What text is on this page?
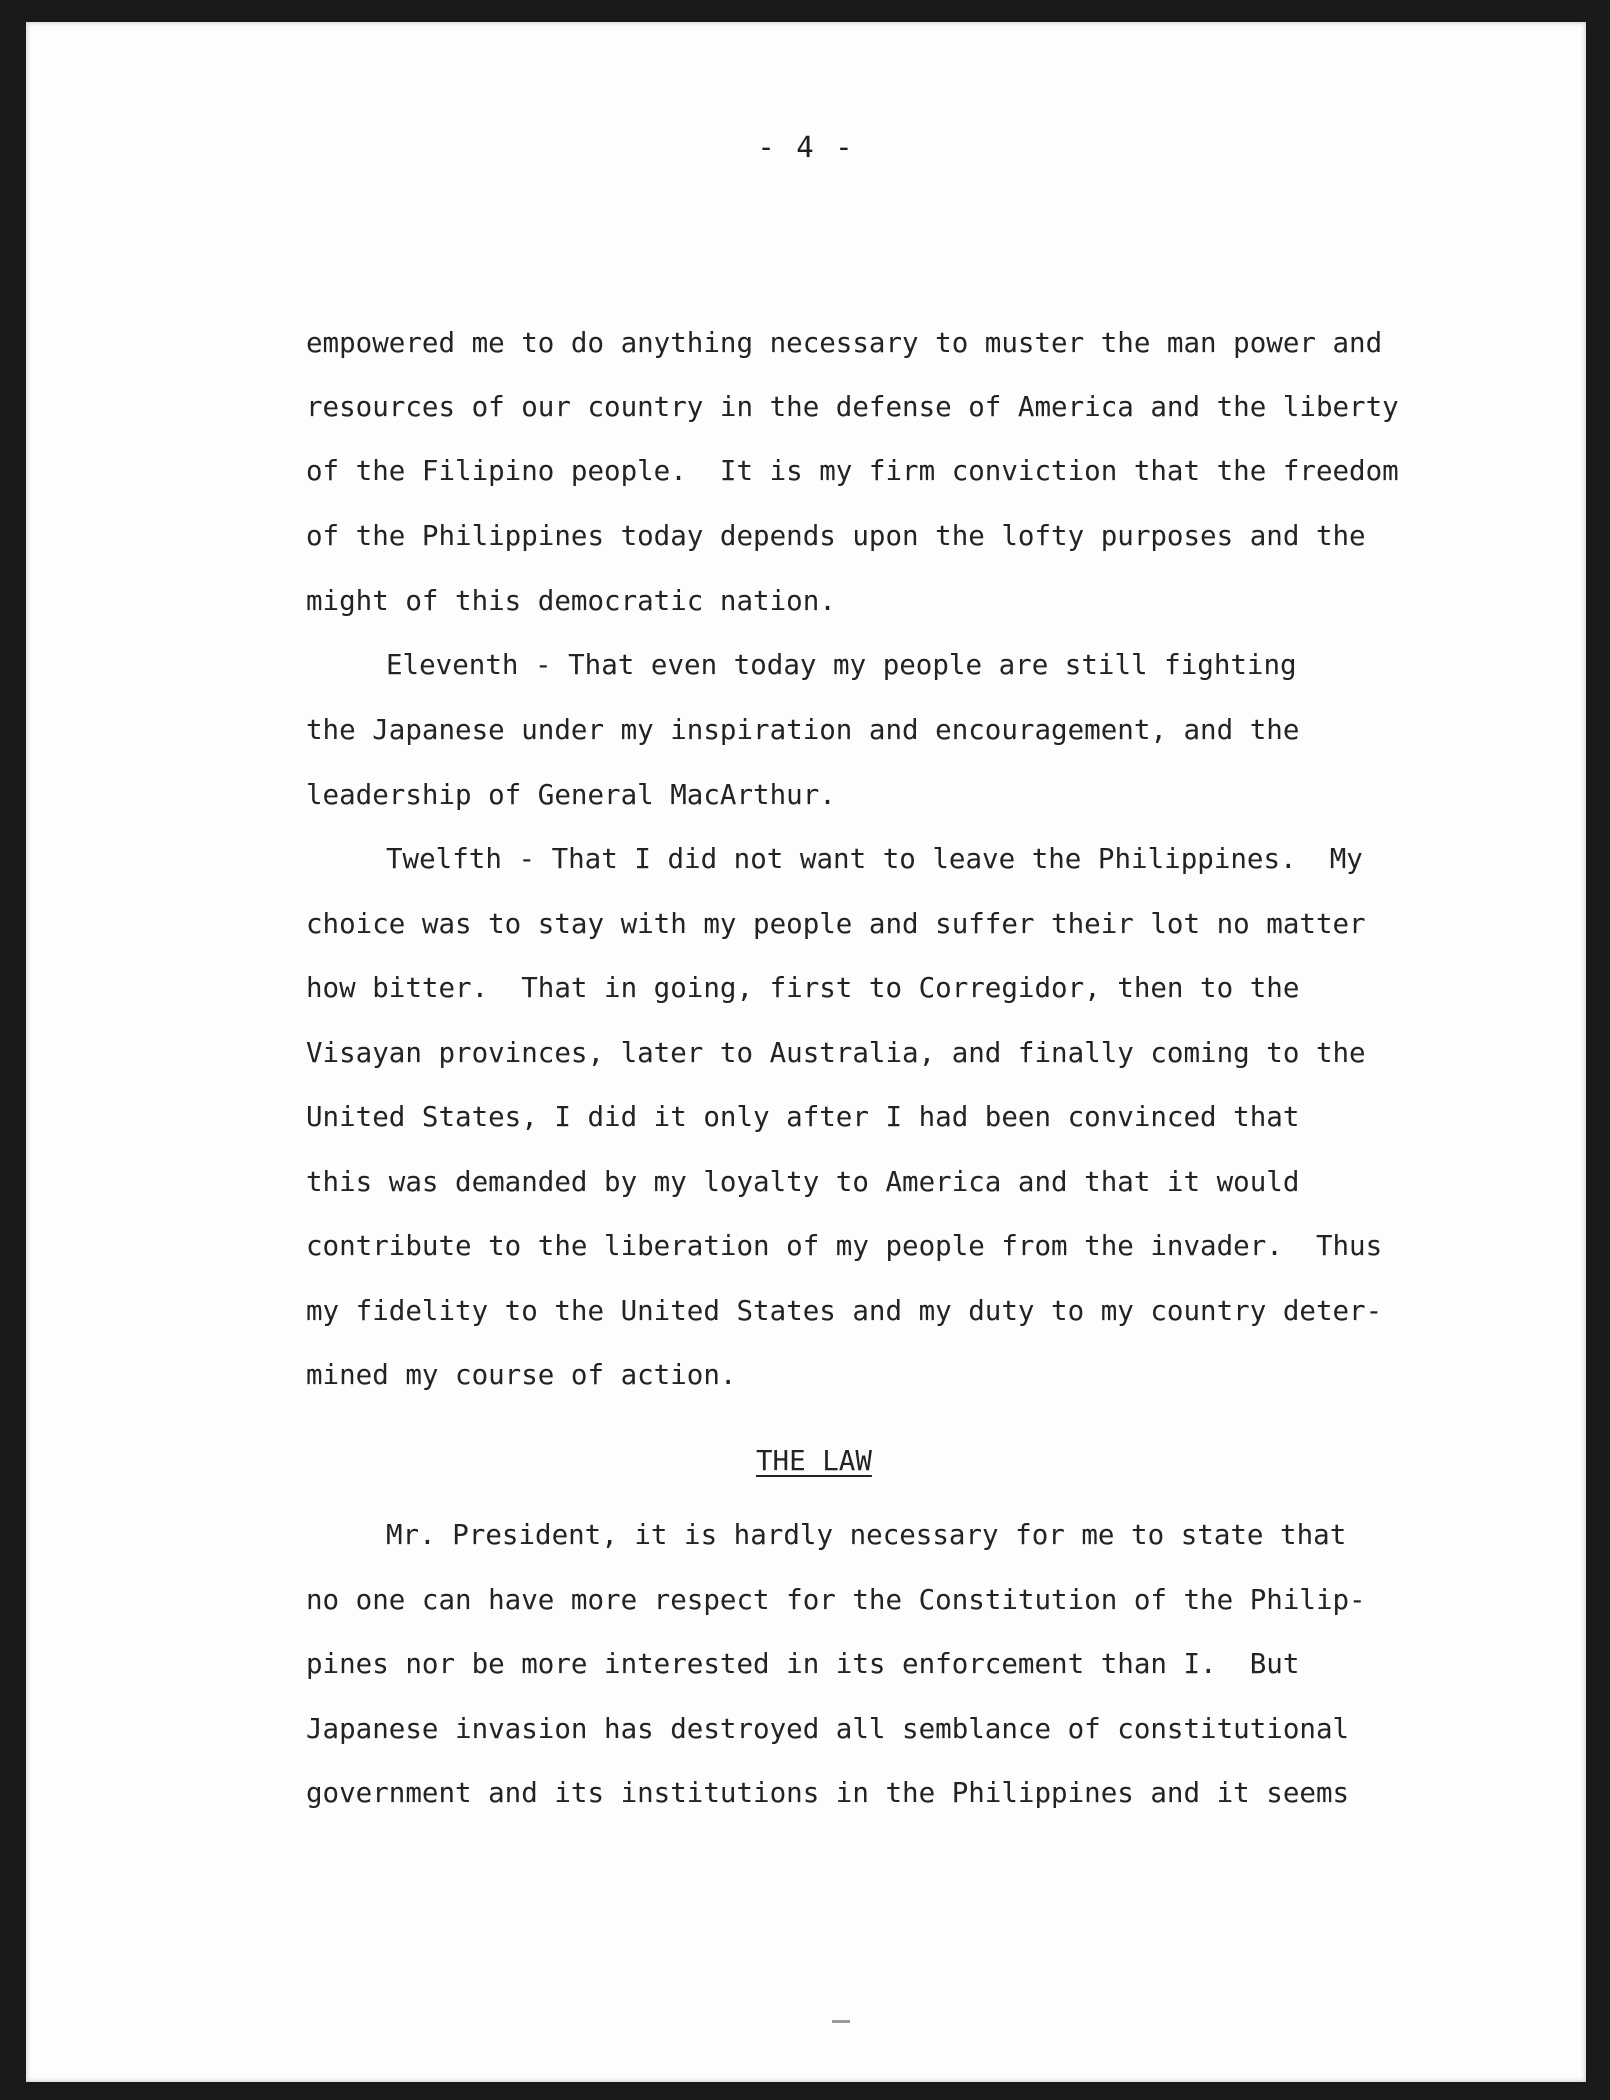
- 4 -
empowered me to do anything necessary to muster the man power and
resources of our country in the defense of America and the liberty
of the Filipino people.  It is my firm conviction that the freedom
of the Philippines today depends upon the lofty purposes and the
might of this democratic nation.
Eleventh - That even today my people are still fighting
the Japanese under my inspiration and encouragement, and the
leadership of General MacArthur.
Twelfth - That I did not want to leave the Philippines.  My
choice was to stay with my people and suffer their lot no matter
how bitter.  That in going, first to Corregidor, then to the
Visayan provinces, later to Australia, and finally coming to the
United States, I did it only after I had been convinced that
this was demanded by my loyalty to America and that it would
contribute to the liberation of my people from the invader.  Thus
my fidelity to the United States and my duty to my country deter-
mined my course of action.
Mr. President, it is hardly necessary for me to state that
no one can have more respect for the Constitution of the Philip-
pines nor be more interested in its enforcement than I.  But
Japanese invasion has destroyed all semblance of constitutional
government and its institutions in the Philippines and it seems
THE LAW
